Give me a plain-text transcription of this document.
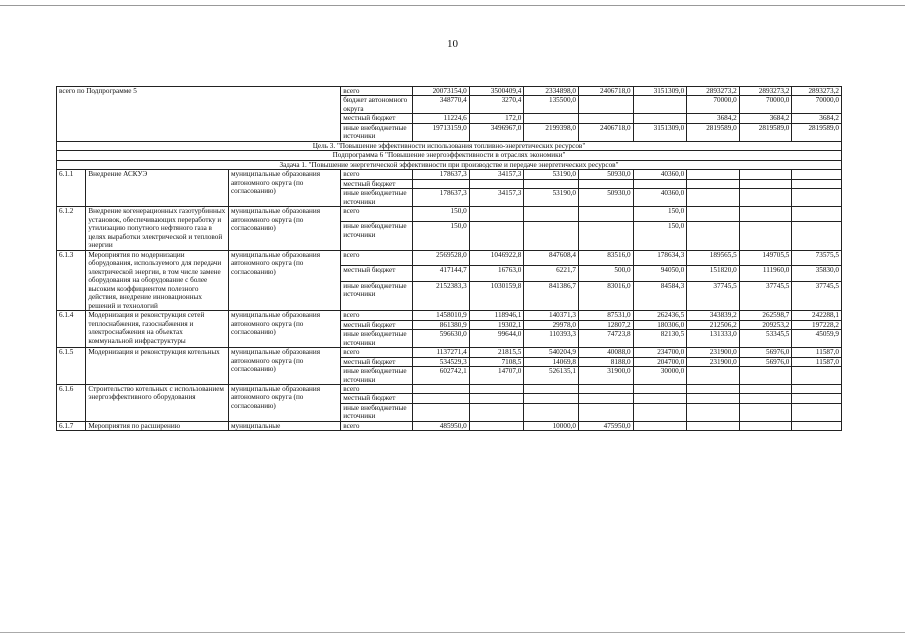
10
всего по Подпрограмме 5			всего	20073154,0	3500409,4	2334898,0	2406718,0	3151309,0	2893273,2	2893273,2	2893273,2
			бюджет автономного округа	348770,4	3270,4	135500,0			70000,0	70000,0	70000,0
			местный бюджет	11224,6	172,0				3684,2	3684,2	3684,2
			иные внебюджетные источники	19713159,0	3496967,0	2199398,0	2406718,0	3151309,0	2819589,0	2819589,0	2819589,0
Цель 3. "Повышение эффективности использования топливно-энергетических ресурсов"											
Подпрограмма 6 "Повышение энергоэффективности в отраслях экономики"											
Задача 1. "Повышение энергетической эффективности при производстве и передаче энергетических ресурсов"											
6.1.1	Внедрение АСКУЭ	муниципальные образования автономного округа (по согласованию)	всего	178637,3	34157,3	53190,0	50930,0	40360,0			
			местный бюджет								
			иные внебюджетные источники	178637,3	34157,3	53190,0	50930,0	40360,0			
6.1.2	Внедрение когенерационных газотурбинных установок, обеспечивающих переработку и утилизацию попутного нефтяного газа в целях выработки электрической и тепловой энергии	муниципальные образования автономного округа (по согласованию)	всего	150,0				150,0			
			иные внебюджетные источники	150,0				150,0			
6.1.3	Мероприятия по модернизации оборудования, используемого для передачи электрической энергии, в том числе замене оборудования на оборудование с более высоким коэффициентом полезного действия, внедрение инновационных решений и технологий	муниципальные образования автономного округа (по согласованию)	всего	2569528,0	1046922,8	847608,4	83516,0	178634,3	189565,5	149705,5	73575,5
			местный бюджет	417144,7	16763,0	6221,7	500,0	94050,0	151820,0	111960,0	35830,0
			иные внебюджетные источники	2152383,3	1030159,8	841386,7	83016,0	84584,3	37745,5	37745,5	37745,5
6.1.4	Модернизация и реконструкция сетей теплоснабжения, газоснабжения и электроснабжения на объектах коммунальной инфраструктуры	муниципальные образования автономного округа (по согласованию)	всего	1458010,9	118946,1	140371,3	87531,0	262436,5	343839,2	262598,7	242288,1
			местный бюджет	861380,9	19302,1	29978,0	12807,2	180306,0	212506,2	209253,2	197228,2
			иные внебюджетные источники	596630,0	99644,0	110393,3	74723,8	82130,5	131333,0	53345,5	45059,9
6.1.5	Модернизация и реконструкция котельных	муниципальные образования автономного округа (по согласованию)	всего	1137271,4	21815,5	540204,9	40088,0	234700,0	231900,0	56976,0	11587,0
			местный бюджет	534529,3	7108,5	14069,8	8188,0	204700,0	231900,0	56976,0	11587,0
			иные внебюджетные источники	602742,1	14707,0	526135,1	31900,0	30000,0			
6.1.6	Строительство котельных с использованием энергоэффективного оборудования	муниципальные образования автономного округа (по согласованию)	всего								
			местный бюджет								
			иные внебюджетные источники								
6.1.7	Мероприятия по расширению	муниципальные	всего	485950,0		10000,0	475950,0				
